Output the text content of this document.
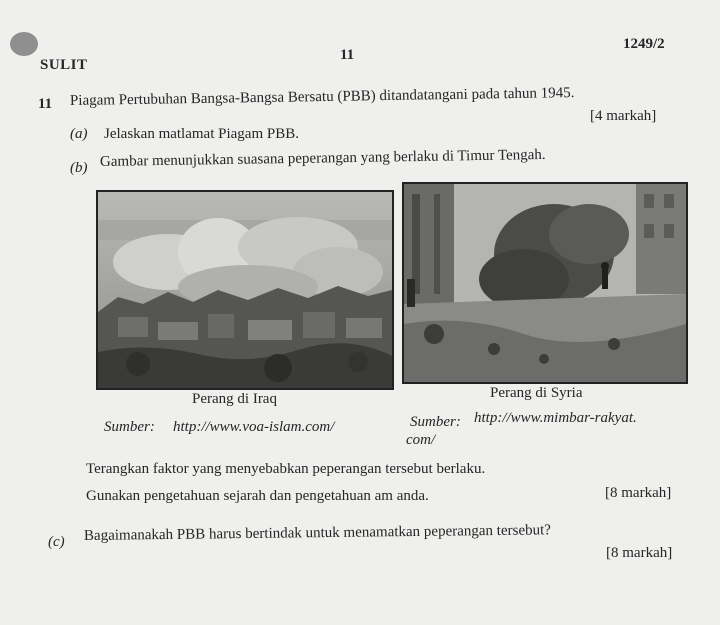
11
1249/2
SULIT
11 Piagam Pertubuhan Bangsa-Bangsa Bersatu (PBB) ditandatangani pada tahun 1945.
(a) Jelaskan matlamat Piagam PBB.
[4 markah]
(b) Gambar menunjukkan suasana peperangan yang berlaku di Timur Tengah.
Perang di Iraq	Perang di Syria
Sumber: http://www.voa-islam.com/	Sumber: http://www.mimbar-rakyat.
com/
Terangkan faktor yang menyebabkan peperangan tersebut berlaku.
Gunakan pengetahuan sejarah dan pengetahuan am anda.	[8 markah]
(c) Bagaimanakah PBB harus bertindak untuk menamatkan peperangan tersebut?
[8 markah]
